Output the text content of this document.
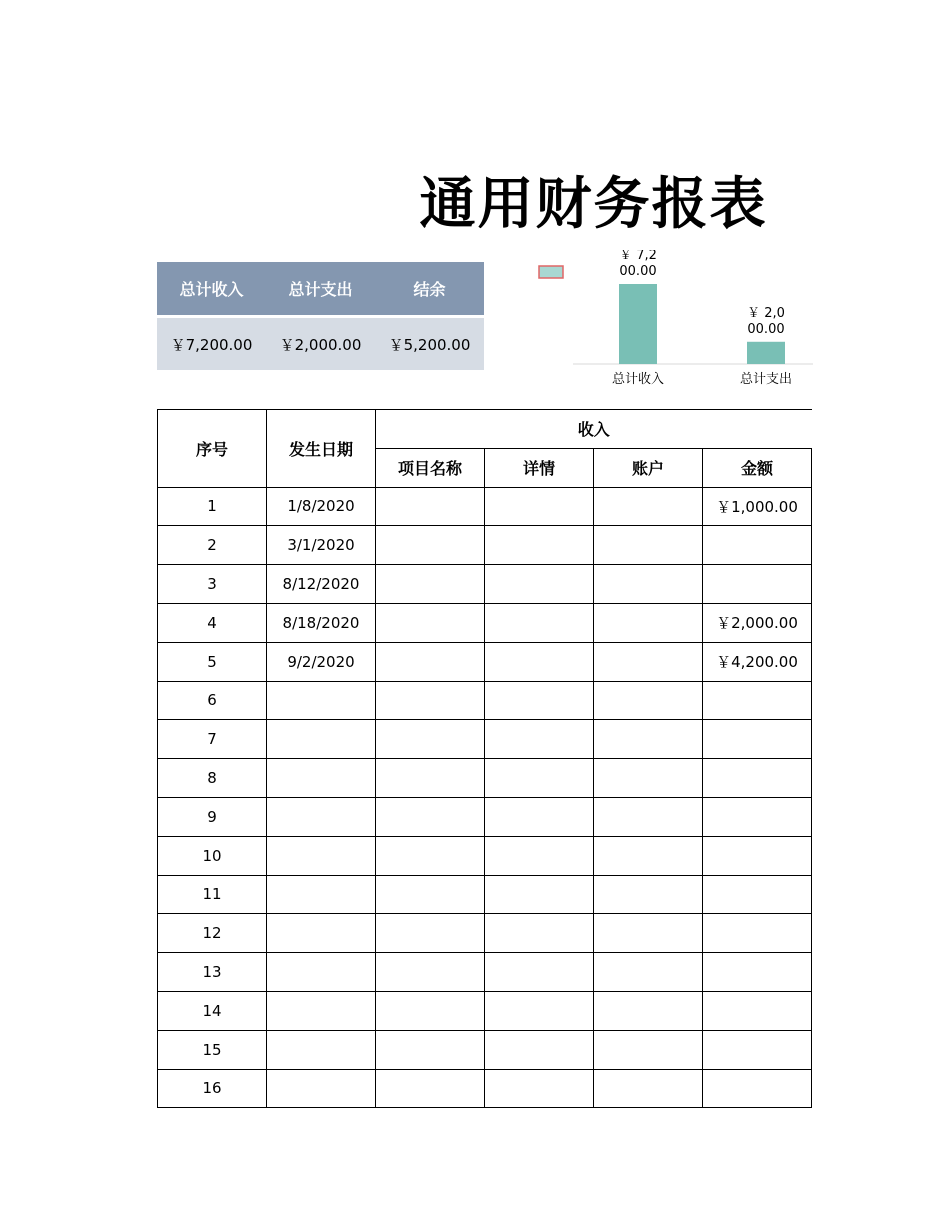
通用财务报表
总计收入	总计支出	结余
￥7,200.00	￥2,000.00	￥5,200.00
￥ 7,2
00.00
总计收入
￥ 2,0
00.00
总计支出
序号	发生日期	收入			
		项目名称	详情	账户	金额
1	1/8/2020				￥1,000.00
2	3/1/2020				
3	8/12/2020				
4	8/18/2020				￥2,000.00
5	9/2/2020				￥4,200.00
6					
7					
8					
9					
10					
11					
12					
13					
14					
15					
16					
